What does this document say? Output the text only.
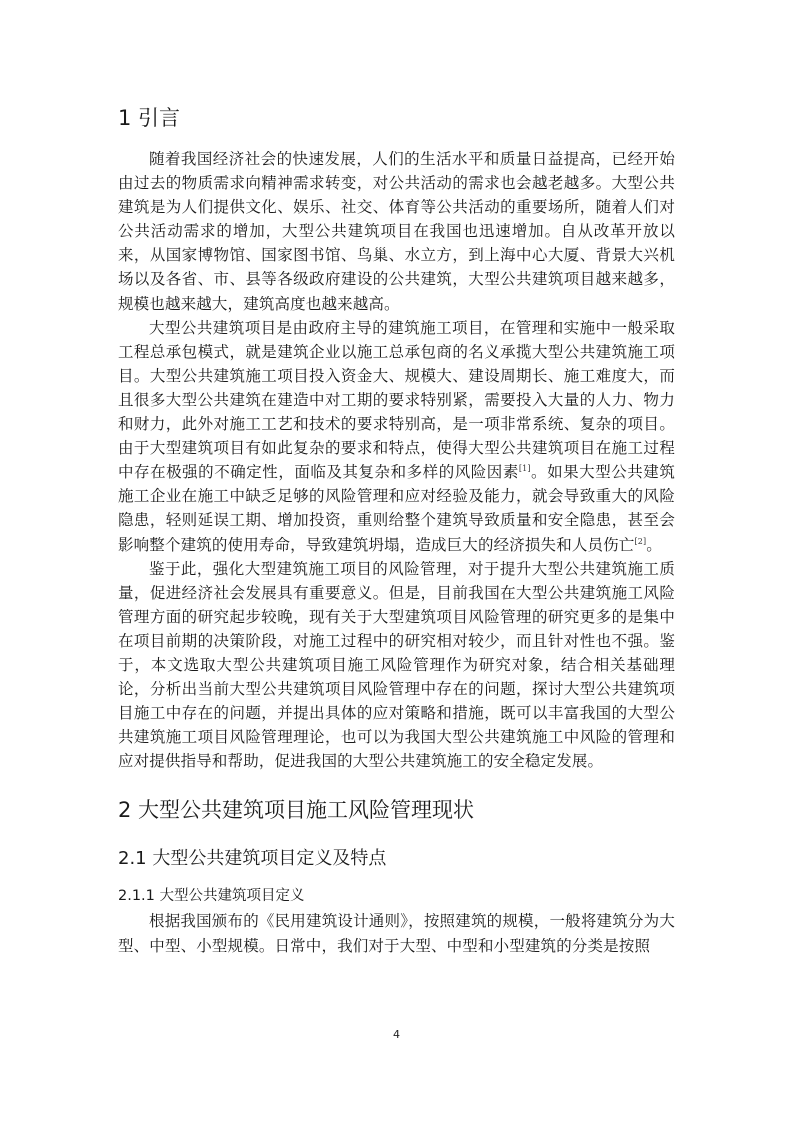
1 引言

随着我国经济社会的快速发展，人们的生活水平和质量日益提高，已经开始由过去的物质需求向精神需求转变，对公共活动的需求也会越老越多。大型公共建筑是为人们提供文化、娱乐、社交、体育等公共活动的重要场所，随着人们对公共活动需求的增加，大型公共建筑项目在我国也迅速增加。自从改革开放以来，从国家博物馆、国家图书馆、鸟巢、水立方，到上海中心大厦、背景大兴机场以及各省、市、县等各级政府建设的公共建筑，大型公共建筑项目越来越多，规模也越来越大，建筑高度也越来越高。

大型公共建筑项目是由政府主导的建筑施工项目，在管理和实施中一般采取工程总承包模式，就是建筑企业以施工总承包商的名义承揽大型公共建筑施工项目。大型公共建筑施工项目投入资金大、规模大、建设周期长、施工难度大，而且很多大型公共建筑在建造中对工期的要求特别紧，需要投入大量的人力、物力和财力，此外对施工工艺和技术的要求特别高，是一项非常系统、复杂的项目。由于大型建筑项目有如此复杂的要求和特点，使得大型公共建筑项目在施工过程中存在极强的不确定性，面临及其复杂和多样的风险因素[1]。如果大型公共建筑施工企业在施工中缺乏足够的风险管理和应对经验及能力，就会导致重大的风险隐患，轻则延误工期、增加投资，重则给整个建筑导致质量和安全隐患，甚至会影响整个建筑的使用寿命，导致建筑坍塌，造成巨大的经济损失和人员伤亡[2]。

鉴于此，强化大型建筑施工项目的风险管理，对于提升大型公共建筑施工质量，促进经济社会发展具有重要意义。但是，目前我国在大型公共建筑施工风险管理方面的研究起步较晚，现有关于大型建筑项目风险管理的研究更多的是集中在项目前期的决策阶段，对施工过程中的研究相对较少，而且针对性也不强。鉴于，本文选取大型公共建筑项目施工风险管理作为研究对象，结合相关基础理论，分析出当前大型公共建筑项目风险管理中存在的问题，探讨大型公共建筑项目施工中存在的问题，并提出具体的应对策略和措施，既可以丰富我国的大型公共建筑施工项目风险管理理论，也可以为我国大型公共建筑施工中风险的管理和应对提供指导和帮助，促进我国的大型公共建筑施工的安全稳定发展。

2 大型公共建筑项目施工风险管理现状
2.1 大型公共建筑项目定义及特点
2.1.1 大型公共建筑项目定义

根据我国颁布的《民用建筑设计通则》，按照建筑的规模，一般将建筑分为大型、中型、小型规模。日常中，我们对于大型、中型和小型建筑的分类是按照

4
